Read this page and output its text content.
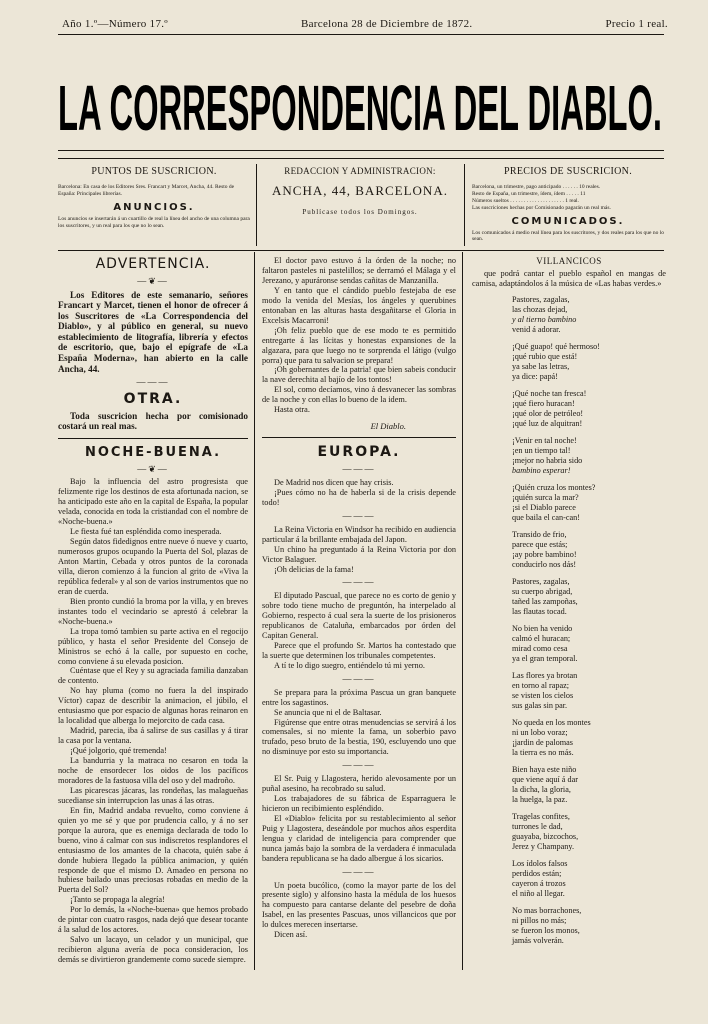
Año 1.º—Número 17.º	Barcelona 28 de Diciembre de 1872.	Precio 1 real.
LA CORRESPONDENCIA DEL DIABLO.
PUNTOS DE SUSCRICION.
Barcelona: En casa de los Editores Sres. Francart y Marcet, Ancha, 44. Resto de España: Principales librerías.
ANUNCIOS.
Los anuncios se insertarán á un cuartillo de real la línea del ancho de una columna para los suscritores, y un real para los que no lo sean.
REDACCION Y ADMINISTRACION:
ANCHA, 44, BARCELONA.
Publícase todos los Domingos.
PRECIOS DE SUSCRICION.
Barcelona, un trimestre, pago anticipado . . . . . . 10 reales.
Resto de España, un trimestre, ídem, ídem . . . . . 11
Números sueltos . . . . . . . . . . . . . . . . . . . . 1 real.
Las suscriciones hechas por Comisionado pagarán un real más.
COMUNICADOS.
Los comunicados á medio real línea para los suscritores, y dos reales para los que no lo sean.
ADVERTENCIA.
—❦—

Los Editores de este semanario, señores Francart y Marcet, tienen el honor de ofrecer á los Suscritores de «La Correspondencia del Diablo», y al público en general, su nuevo establecimiento de litografía, librería y efectos de escritorio, que, bajo el epígrafe de «La España Moderna», han abierto en la calle Ancha, 44.

———
OTRA.

Toda suscricion hecha por comisionado costará un real mas.

NOCHE-BUENA.
—❦—

Bajo la influencia del astro progresista que felizmente rige los destinos de esta afortunada nacion, se ha anticipado este año en la capital de España, la popular velada, conocida en toda la cristiandad con el nombre de «Noche-buena.»

Le fiesta fué tan espléndida como inesperada.

Según datos fidedignos entre nueve ó nueve y cuarto, numerosos grupos ocupando la Puerta del Sol, plazas de Anton Martin, Cebada y otros puntos de la coronada villa, dieron comienzo á la funcion al grito de «Viva la república federal» y al son de varios instrumentos que no eran de cuerda.

Bien pronto cundió la broma por la villa, y en breves instantes todo el vecindario se aprestó á celebrar la «Noche-buena.»

La tropa tomó tambien su parte activa en el regocijo público, y hasta el señor Presidente del Consejo de Ministros se echó á la calle, por supuesto en coche, como conviene á su elevada posicion.

Cuéntase que el Rey y su agraciada familia danzaban de contento.

No hay pluma (como no fuera la del inspirado Víctor) capaz de describir la animacion, el júbilo, el entusiasmo que por espacio de algunas horas reinaron en la localidad que alberga lo mejorcito de cada casa.

Madrid, parecia, iba á salirse de sus casillas y á tirar la casa por la ventana.

¡Qué jolgorio, qué tremenda!

La bandurria y la matraca no cesaron en toda la noche de ensordecer los oidos de los pacíficos moradores de la fastuosa villa del oso y del madroño.

Las picarescas jácaras, las rondeñas, las malagueñas sucedianse sin interrupcion las unas á las otras.

En fin, Madrid andaba revuelto, como conviene á quien yo me sé y que por prudencia callo, y á no ser porque la aurora, que es enemiga declarada de todo lo bueno, vino á calmar con sus indiscretos resplandores el entusiasmo de los amantes de la chacota, quién sabe á donde hubiera llegado la pública animacion, y quién responde de que el mismo D. Amadeo en persona no hubiese bailado unas preciosas robadas en medio de la Puerta del Sol?

¡Tanto se propaga la alegría!

Por lo demás, la «Noche-buena» que hemos probado de pintar con cuatro rasgos, nada dejó que desear tocante á la salud de los actores.

Salvo un lacayo, un celador y un municipal, que recibieron alguna avería de poca consideracion, los demás se divirtieron grandemente como sucede siempre.

El doctor pavo estuvo á la órden de la noche; no faltaron pasteles ni pastelillos; se derramó el Málaga y el Jerezano, y apuráronse sendas cañitas de Manzanilla.

Y en tanto que el cándido pueblo festejaba de ese modo la venida del Mesías, los ángeles y querubines entonaban en las alturas hasta desgañitarse el Gloria in Excelsis Macarroni!

¡Oh feliz pueblo que de ese modo te es permitido entregarte á las lícitas y honestas expansiones de la algazara, para que luego no te sorprenda el látigo (vulgo porra) que para tu salvacion se prepara!

¡Oh gobernantes de la patria! que bien sabeis conducir la nave derechita al bajío de los tontos!

El sol, como decíamos, vino á desvanecer las sombras de la noche y con ellas lo bueno de la idem.

Hasta otra.

El Diablo.
EUROPA.
———

De Madrid nos dicen que hay crisis.

¡Pues cómo no ha de haberla si de la crisis depende todo!

———

La Reina Victoria en Windsor ha recibido en audiencia particular á la brillante embajada del Japon.

Un chino ha preguntado á la Reina Victoria por don Victor Balaguer.

¡Oh delicias de la fama!

———

El diputado Pascual, que parece no es corto de genio y sobre todo tiene mucho de preguntón, ha interpelado al Gobierno, respecto á cual sera la suerte de los prisioneros republicanos de Cataluña, embarcados por órden del Capitan General.

Parece que el profundo Sr. Martos ha contestado que la suerte que determinen los tribunales competentes.

A tí te lo digo suegro, entiéndelo tú mi yerno.

———

Se prepara para la próxima Pascua un gran banquete entre los sagastinos.

Se anuncia que ni el de Baltasar.

Figúrense que entre otras menudencias se servirá á los comensales, si no miente la fama, un soberbio pavo trufado, peso bruto de la bestia, 190, escluyendo uno que no disminuye por esto su importancia.

———

El Sr. Puig y Llagostera, herido alevosamente por un puñal asesino, ha recobrado su salud.

Los trabajadores de su fábrica de Esparraguera le hicieron un recibimiento espléndido.

El «Diablo» felicita por su restablecimiento al señor Puig y Llagostera, deseándole por muchos años esperdita lengua y claridad de inteligencia para comprender que nunca jamás bajo la sombra de la verdadera é inmaculada bandera republicana se ha dado albergue á los sicarios.

———

Un poeta bucólico, (como la mayor parte de los del presente siglo) y alfonsino hasta la médula de los huesos ha compuesto para cantarse delante del pesebre de doña Isabel, en las presentes Pascuas, unos villancicos que por lo dulces merecen insertarse.

Dicen así.

VILLANCICOS

que podrá cantar el pueblo español en mangas de camisa, adaptándolos á la música de «Las habas verdes.»

Pastores, zagalas,
las chozas dejad,
y al tierno bambino
venid á adorar.
¡Qué guapo! qué hermoso!
¡qué rubio que está!
ya sabe las letras,
ya dice: papá!
¡Qué noche tan fresca!
¡qué fiero huracan!
¡qué olor de petróleo!
¡qué luz de alquitran!
¡Venir en tal noche!
¡en un tiempo tal!
¡mejor no habria sido
bambino esperar!
¡Quién cruza los montes?
¡quién surca la mar?
¡si el Diablo parece
que baila el can-can!
Transido de frio,
parece que estás;
¡ay pobre bambino!
conducirlo nos dás!
Pastores, zagalas,
su cuerpo abrigad,
tañed las zampoñas,
las flautas tocad.
No bien ha venido
calmó el huracan;
mirad como cesa
ya el gran temporal.
Las flores ya brotan
en torno al rapaz;
se visten los cielos
sus galas sin par.
No queda en los montes
ni un lobo voraz;
¡jardin de palomas
la tierra es no más.
Bien haya este niño
que viene aquí á dar
la dicha, la gloria,
la huelga, la paz.
Tragelas confites,
turrones le dad,
guayaba, bizcochos,
Jerez y Champany.
Los ídolos falsos
perdidos están;
cayeron á trozos
el niño al llegar.
No mas borrachones,
ni pillos no más;
se fueron los monos,
jamás volverán.
